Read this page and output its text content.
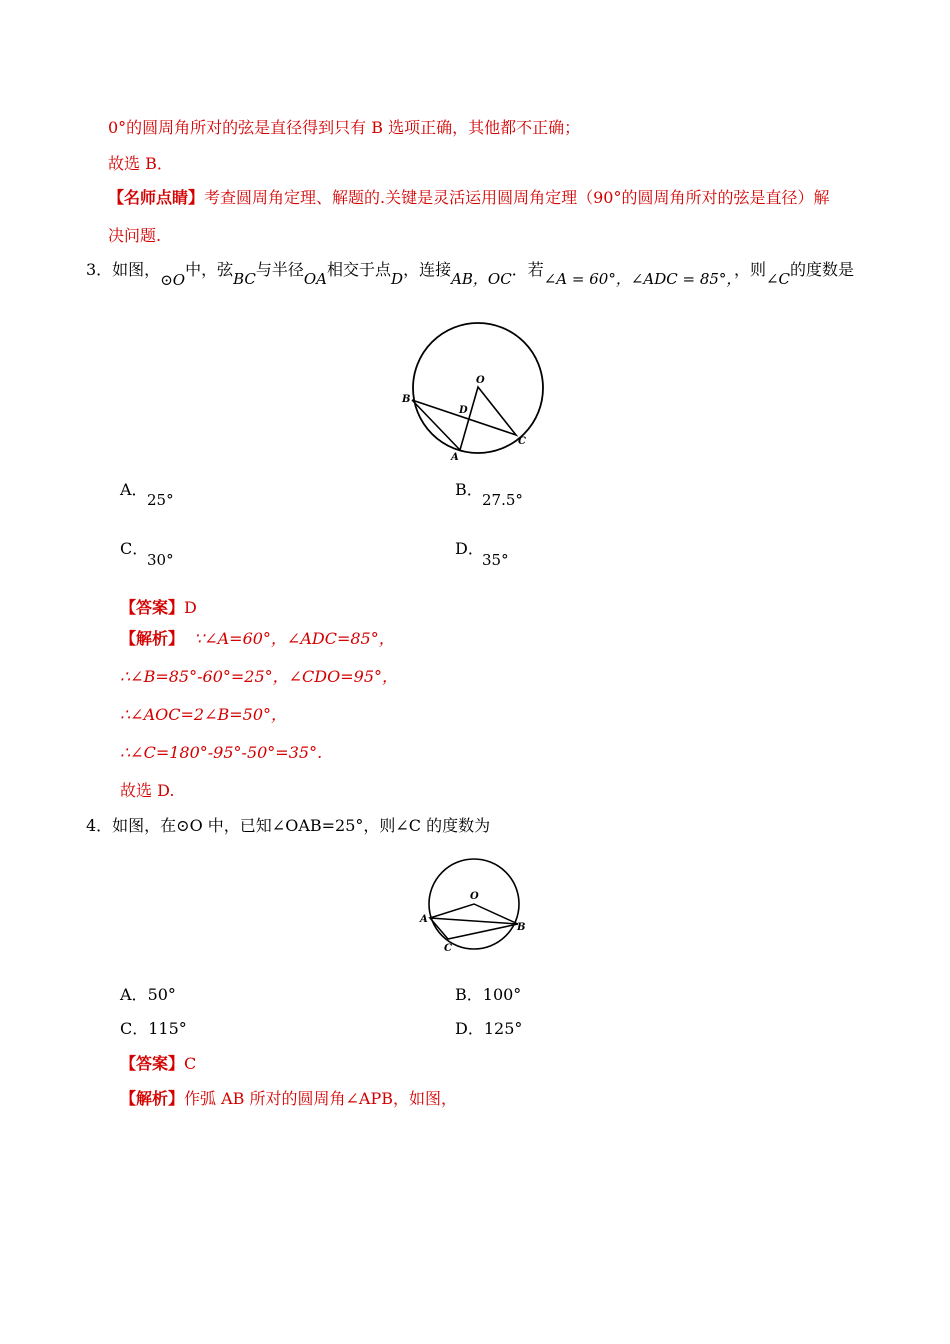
0°的圆周角所对的弦是直径得到只有 B 选项正确，其他都不正确；
故选 B．
【名师点睛】考查圆周角定理、解题的.关键是灵活运用圆周角定理（90°的圆周角所对的弦是直径）解
决问题.
3．如图，⊙O中，弦BC与半径OA相交于点D，连接AB，OC．若∠A = 60°，∠ADC = 85°，，则∠C的度数是
O
B
D
C
A
A．
25°
B．
27.5°
C．
30°
D．
35°
【答案】D
【解析】 ∵∠A=60°，∠ADC=85°，
∴∠B=85°-60°=25°，∠CDO=95°，
∴∠AOC=2∠B=50°，
∴∠C=180°-95°-50°=35°.
故选 D.
4．如图，在⊙O 中，已知∠OAB=25°，则∠C 的度数为
O
A
B
C
A．50°	B．100°
C．115°	D．125°
【答案】C
【解析】作弧 AB 所对的圆周角∠APB，如图，
